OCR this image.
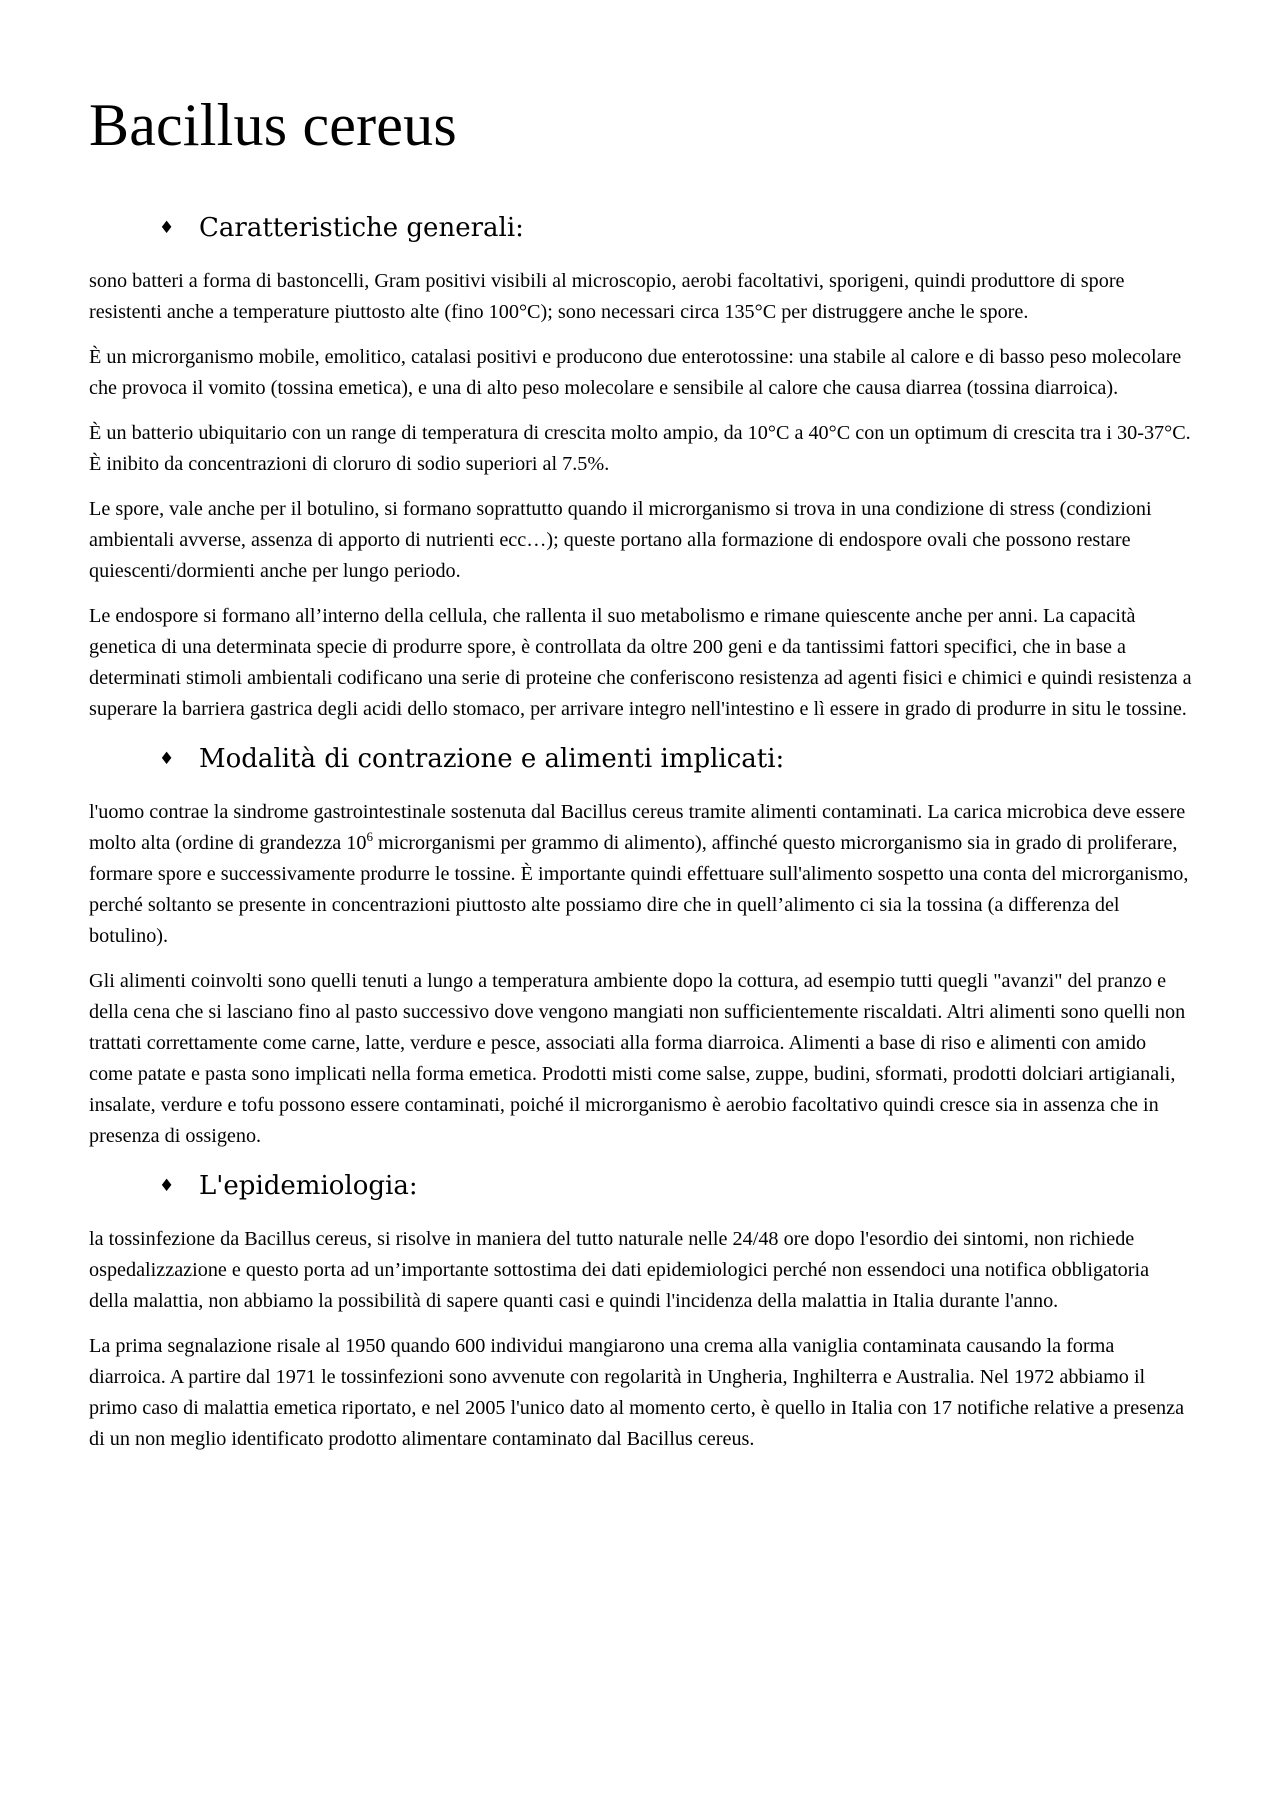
Bacillus cereus
♦ Caratteristiche generali:

sono batteri a forma di bastoncelli, Gram positivi visibili al microscopio, aerobi facoltativi, sporigeni, quindi produttore di spore resistenti anche a temperature piuttosto alte (fino 100°C); sono necessari circa 135°C per distruggere anche le spore.

È un microrganismo mobile, emolitico, catalasi positivi e producono due enterotossine: una stabile al calore e di basso peso molecolare che provoca il vomito (tossina emetica), e una di alto peso molecolare e sensibile al calore che causa diarrea (tossina diarroica).

È un batterio ubiquitario con un range di temperatura di crescita molto ampio, da 10°C a 40°C con un optimum di crescita tra i 30-37°C. È inibito da concentrazioni di cloruro di sodio superiori al 7.5%.

Le spore, vale anche per il botulino, si formano soprattutto quando il microrganismo si trova in una condizione di stress (condizioni ambientali avverse, assenza di apporto di nutrienti ecc…); queste portano alla formazione di endospore ovali che possono restare quiescenti/dormienti anche per lungo periodo.

Le endospore si formano all’interno della cellula, che rallenta il suo metabolismo e rimane quiescente anche per anni. La capacità genetica di una determinata specie di produrre spore, è controllata da oltre 200 geni e da tantissimi fattori specifici, che in base a determinati stimoli ambientali codificano una serie di proteine che conferiscono resistenza ad agenti fisici e chimici e quindi resistenza a superare la barriera gastrica degli acidi dello stomaco, per arrivare integro nell'intestino e lì essere in grado di produrre in situ le tossine.

♦ Modalità di contrazione e alimenti implicati:

l'uomo contrae la sindrome gastrointestinale sostenuta dal Bacillus cereus tramite alimenti contaminati. La carica microbica deve essere molto alta (ordine di grandezza $10^6$ microrganismi per grammo di alimento), affinché questo microrganismo sia in grado di proliferare, formare spore e successivamente produrre le tossine. È importante quindi effettuare sull'alimento sospetto una conta del microrganismo, perché soltanto se presente in concentrazioni piuttosto alte possiamo dire che in quell’alimento ci sia la tossina (a differenza del botulino).

Gli alimenti coinvolti sono quelli tenuti a lungo a temperatura ambiente dopo la cottura, ad esempio tutti quegli "avanzi" del pranzo e della cena che si lasciano fino al pasto successivo dove vengono mangiati non sufficientemente riscaldati. Altri alimenti sono quelli non trattati correttamente come carne, latte, verdure e pesce, associati alla forma diarroica. Alimenti a base di riso e alimenti con amido come patate e pasta sono implicati nella forma emetica. Prodotti misti come salse, zuppe, budini, sformati, prodotti dolciari artigianali, insalate, verdure e tofu possono essere contaminati, poiché il microrganismo è aerobio facoltativo quindi cresce sia in assenza che in presenza di ossigeno.

♦ L'epidemiologia:

la tossinfezione da Bacillus cereus, si risolve in maniera del tutto naturale nelle 24/48 ore dopo l'esordio dei sintomi, non richiede ospedalizzazione e questo porta ad un’importante sottostima dei dati epidemiologici perché non essendoci una notifica obbligatoria della malattia, non abbiamo la possibilità di sapere quanti casi e quindi l'incidenza della malattia in Italia durante l'anno.

La prima segnalazione risale al 1950 quando 600 individui mangiarono una crema alla vaniglia contaminata causando la forma diarroica. A partire dal 1971 le tossinfezioni sono avvenute con regolarità in Ungheria, Inghilterra e Australia. Nel 1972 abbiamo il primo caso di malattia emetica riportato, e nel 2005 l'unico dato al momento certo, è quello in Italia con 17 notifiche relative a presenza di un non meglio identificato prodotto alimentare contaminato dal Bacillus cereus.
